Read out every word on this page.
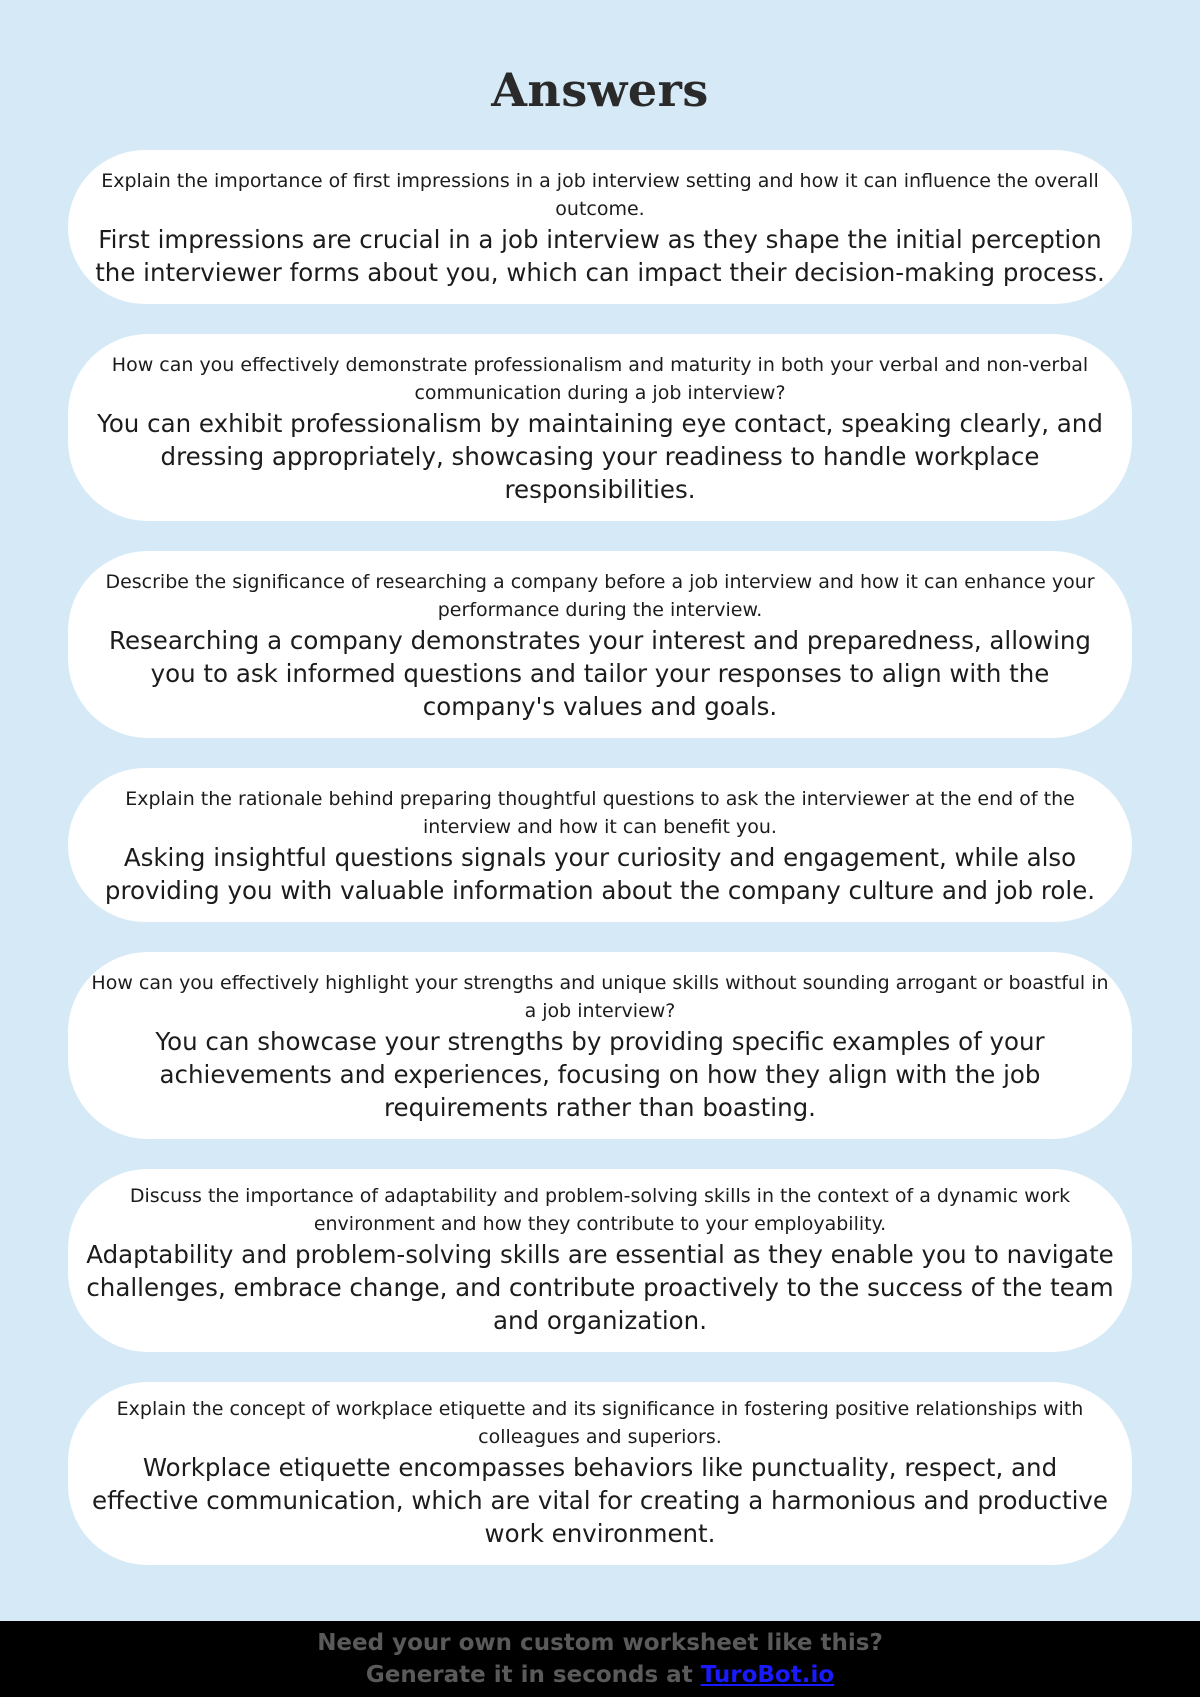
Answers
Explain the importance of first impressions in a job interview setting and how it can influence the overall outcome.
First impressions are crucial in a job interview as they shape the initial perception the interviewer forms about you, which can impact their decision-making process.
How can you effectively demonstrate professionalism and maturity in both your verbal and non-verbal communication during a job interview?
You can exhibit professionalism by maintaining eye contact, speaking clearly, and dressing appropriately, showcasing your readiness to handle workplace responsibilities.
Describe the significance of researching a company before a job interview and how it can enhance your performance during the interview.
Researching a company demonstrates your interest and preparedness, allowing you to ask informed questions and tailor your responses to align with the company's values and goals.
Explain the rationale behind preparing thoughtful questions to ask the interviewer at the end of the interview and how it can benefit you.
Asking insightful questions signals your curiosity and engagement, while also providing you with valuable information about the company culture and job role.
How can you effectively highlight your strengths and unique skills without sounding arrogant or boastful in a job interview?
You can showcase your strengths by providing specific examples of your achievements and experiences, focusing on how they align with the job requirements rather than boasting.
Discuss the importance of adaptability and problem-solving skills in the context of a dynamic work environment and how they contribute to your employability.
Adaptability and problem-solving skills are essential as they enable you to navigate challenges, embrace change, and contribute proactively to the success of the team and organization.
Explain the concept of workplace etiquette and its significance in fostering positive relationships with colleagues and superiors.
Workplace etiquette encompasses behaviors like punctuality, respect, and effective communication, which are vital for creating a harmonious and productive work environment.
Need your own custom worksheet like this?
Generate it in seconds at TuroBot.io
